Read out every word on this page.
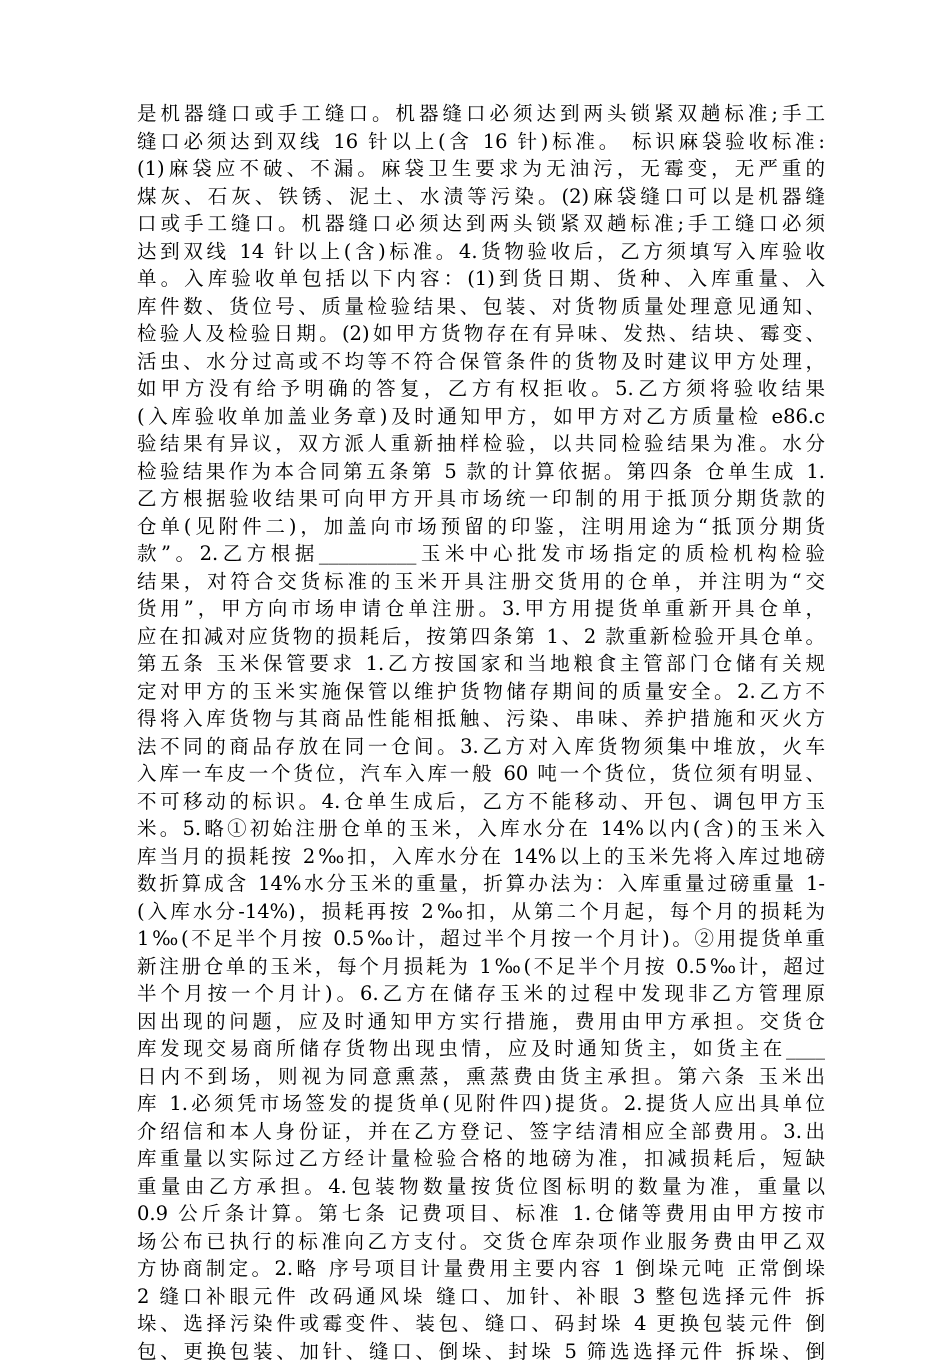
是机器缝口或手工缝口。机器缝口必须达到两头锁紧双趟标准;手工
缝口必须达到双线 16 针以上(含 16 针)标准。 标识麻袋验收标准:
(1)麻袋应不破、不漏。麻袋卫生要求为无油污，无霉变，无严重的
煤灰、石灰、铁锈、泥土、水渍等污染。(2)麻袋缝口可以是机器缝
口或手工缝口。机器缝口必须达到两头锁紧双趟标准;手工缝口必须
达到双线 14 针以上(含)标准。4.货物验收后，乙方须填写入库验收
单。入库验收单包括以下内容：(1)到货日期、货种、入库重量、入
库件数、货位号、质量检验结果、包装、对货物质量处理意见通知、
检验人及检验日期。(2)如甲方货物存在有异味、发热、结块、霉变、
活虫、水分过高或不均等不符合保管条件的货物及时建议甲方处理，
如甲方没有给予明确的答复，乙方有权拒收。5.乙方须将验收结果
(入库验收单加盖业务章)及时通知甲方，如甲方对乙方质量检 e86.c
验结果有异议，双方派人重新抽样检验，以共同检验结果为准。水分
检验结果作为本合同第五条第 5 款的计算依据。第四条 仓单生成 1.
乙方根据验收结果可向甲方开具市场统一印制的用于抵顶分期货款的
仓单(见附件二)，加盖向市场预留的印鉴，注明用途为“抵顶分期货
款”。2.乙方根据__________玉米中心批发市场指定的质检机构检验
结果，对符合交货标准的玉米开具注册交货用的仓单，并注明为“交
货用”，甲方向市场申请仓单注册。3.甲方用提货单重新开具仓单，
应在扣减对应货物的损耗后，按第四条第 1、2 款重新检验开具仓单。
第五条 玉米保管要求 1.乙方按国家和当地粮食主管部门仓储有关规
定对甲方的玉米实施保管以维护货物储存期间的质量安全。2.乙方不
得将入库货物与其商品性能相抵触、污染、串味、养护措施和灭火方
法不同的商品存放在同一仓间。3.乙方对入库货物须集中堆放，火车
入库一车皮一个货位，汽车入库一般 60 吨一个货位，货位须有明显、
不可移动的标识。4.仓单生成后，乙方不能移动、开包、调包甲方玉
米。5.略①初始注册仓单的玉米，入库水分在 14%以内(含)的玉米入
库当月的损耗按 2‰扣，入库水分在 14%以上的玉米先将入库过地磅
数折算成含 14%水分玉米的重量，折算办法为：入库重量过磅重量 1-
(入库水分-14%)，损耗再按 2‰扣，从第二个月起，每个月的损耗为
1‰(不足半个月按 0.5‰计，超过半个月按一个月计)。②用提货单重
新注册仓单的玉米，每个月损耗为 1‰(不足半个月按 0.5‰计，超过
半个月按一个月计)。6.乙方在储存玉米的过程中发现非乙方管理原
因出现的问题，应及时通知甲方实行措施，费用由甲方承担。交货仓
库发现交易商所储存货物出现虫情，应及时通知货主，如货主在____
日内不到场，则视为同意熏蒸，熏蒸费由货主承担。第六条 玉米出
库 1.必须凭市场签发的提货单(见附件四)提货。2.提货人应出具单位
介绍信和本人身份证，并在乙方登记、签字结清相应全部费用。3.出
库重量以实际过乙方经计量检验合格的地磅为准，扣减损耗后，短缺
重量由乙方承担。4.包装物数量按货位图标明的数量为准，重量以
0.9 公斤条计算。第七条 记费项目、标准 1.仓储等费用由甲方按市
场公布已执行的标准向乙方支付。交货仓库杂项作业服务费由甲乙双
方协商制定。2.略 序号项目计量费用主要内容 1 倒垛元吨 正常倒垛
2 缝口补眼元件 改码通风垛 缝口、加针、补眼 3 整包选择元件 拆
垛、选择污染件或霉变件、装包、缝口、码封垛 4 更换包装元件 倒
包、更换包装、加针、缝口、倒垛、封垛 5 筛选选择元件 拆垛、倒
